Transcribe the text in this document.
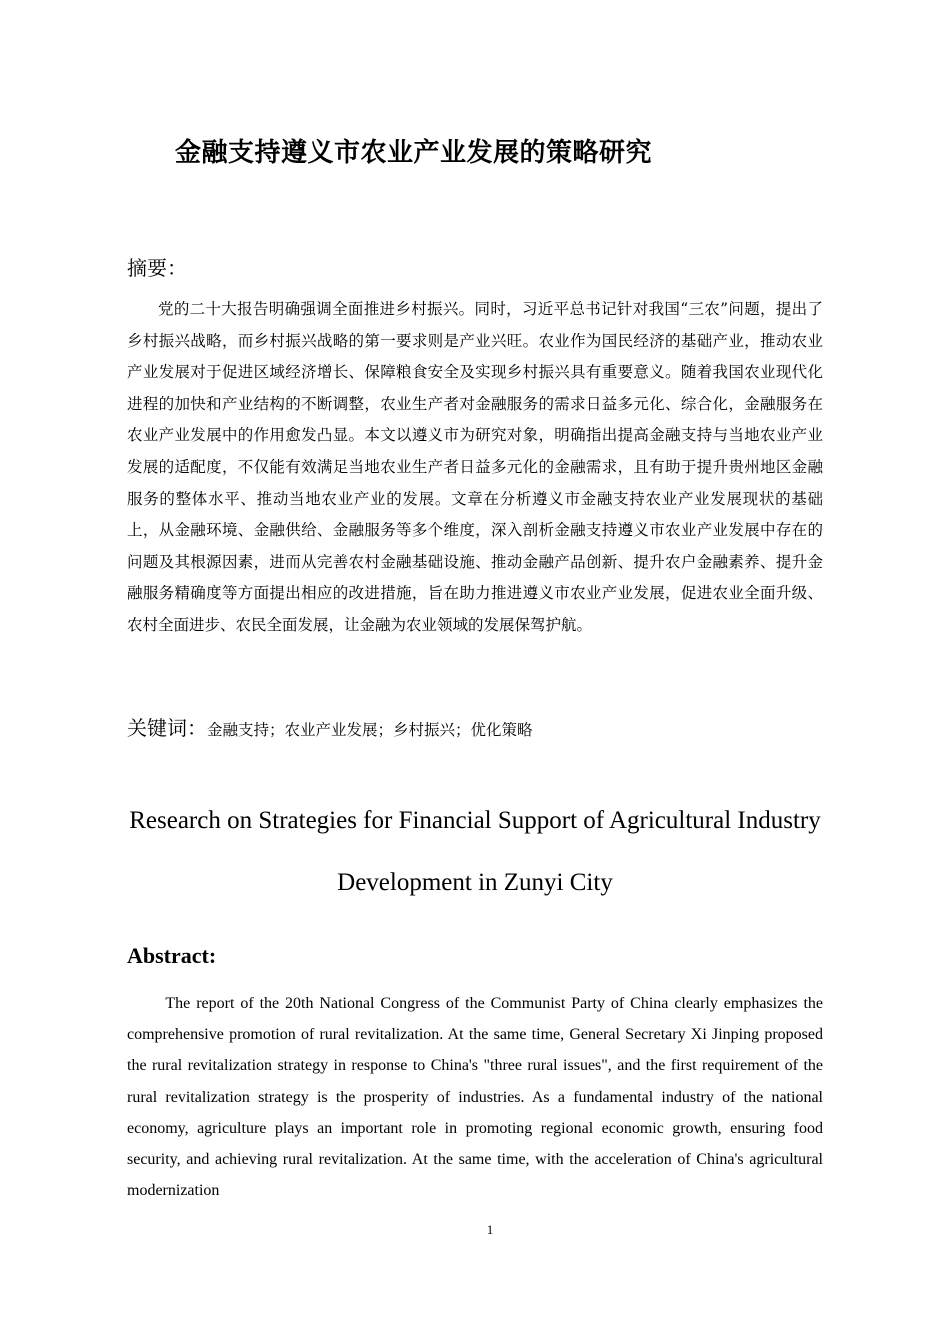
金融支持遵义市农业产业发展的策略研究
摘要：

党的二十大报告明确强调全面推进乡村振兴。同时，习近平总书记针对我国“三农”问题，提出了乡村振兴战略，而乡村振兴战略的第一要求则是产业兴旺。农业作为国民经济的基础产业，推动农业产业发展对于促进区域经济增长、保障粮食安全及实现乡村振兴具有重要意义。随着我国农业现代化进程的加快和产业结构的不断调整，农业生产者对金融服务的需求日益多元化、综合化，金融服务在农业产业发展中的作用愈发凸显。本文以遵义市为研究对象，明确指出提高金融支持与当地农业产业发展的适配度，不仅能有效满足当地农业生产者日益多元化的金融需求，且有助于提升贵州地区金融服务的整体水平、推动当地农业产业的发展。文章在分析遵义市金融支持农业产业发展现状的基础上，从金融环境、金融供给、金融服务等多个维度，深入剖析金融支持遵义市农业产业发展中存在的问题及其根源因素，进而从完善农村金融基础设施、推动金融产品创新、提升农户金融素养、提升金融服务精确度等方面提出相应的改进措施，旨在助力推进遵义市农业产业发展，促进农业全面升级、农村全面进步、农民全面发展，让金融为农业领域的发展保驾护航。

关键词：金融支持；农业产业发展；乡村振兴；优化策略

Research on Strategies for Financial Support of Agricultural Industry Development in Zunyi City

Abstract:

The report of the 20th National Congress of the Communist Party of China clearly emphasizes the comprehensive promotion of rural revitalization. At the same time, General Secretary Xi Jinping proposed the rural revitalization strategy in response to China's "three rural issues", and the first requirement of the rural revitalization strategy is the prosperity of industries. As a fundamental industry of the national economy, agriculture plays an important role in promoting regional economic growth, ensuring food security, and achieving rural revitalization. At the same time, with the acceleration of China's agricultural modernization

1
